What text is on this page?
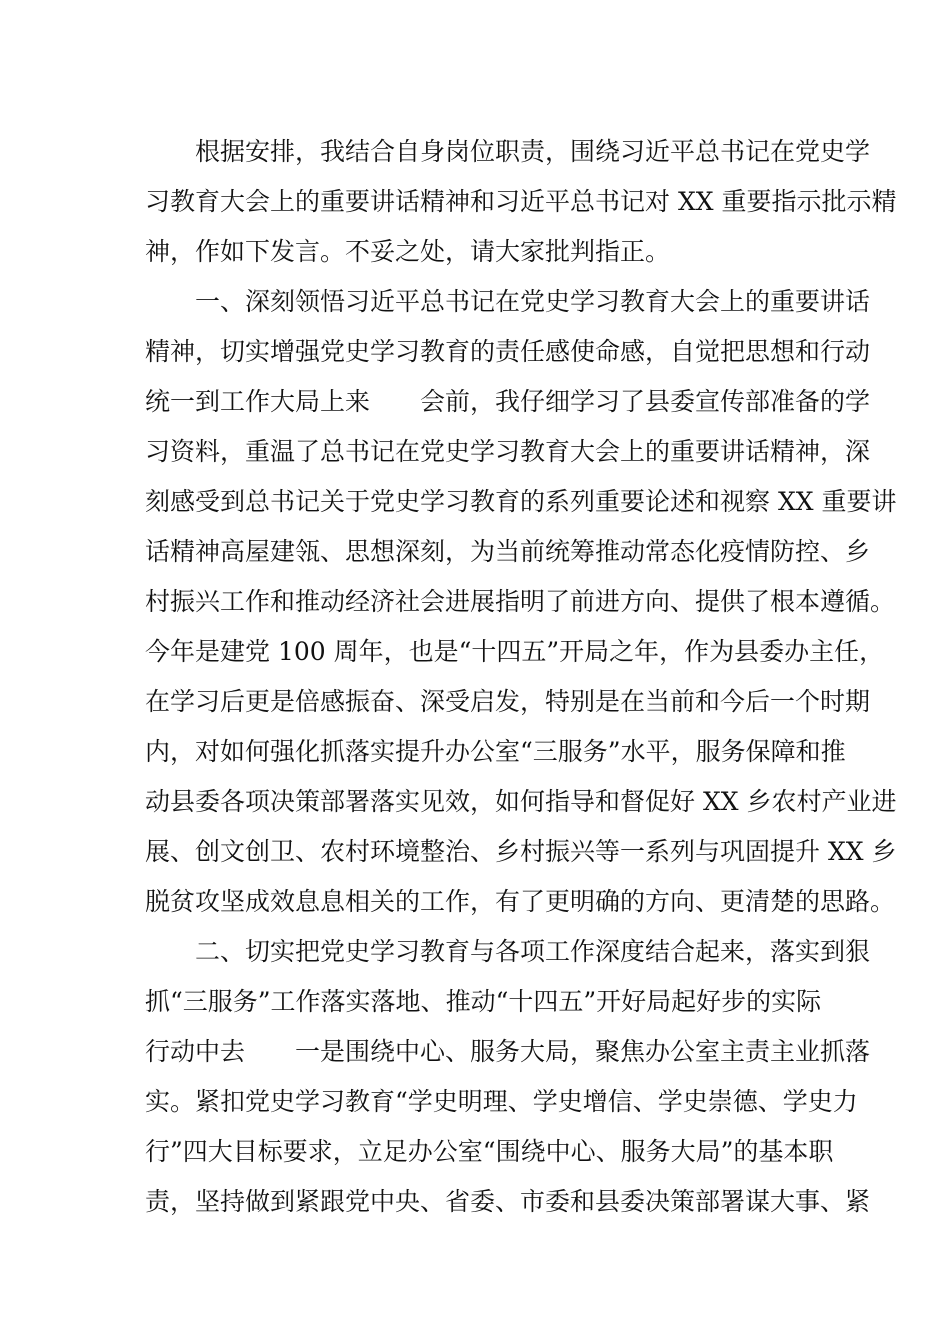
　　根据安排，我结合自身岗位职责，围绕习近平总书记在党史学
习教育大会上的重要讲话精神和习近平总书记对 XX 重要指示批示精
神，作如下发言。不妥之处，请大家批判指正。
　　一、深刻领悟习近平总书记在党史学习教育大会上的重要讲话
精神，切实增强党史学习教育的责任感使命感，自觉把思想和行动
统一到工作大局上来　　会前，我仔细学习了县委宣传部准备的学
习资料，重温了总书记在党史学习教育大会上的重要讲话精神，深
刻感受到总书记关于党史学习教育的系列重要论述和视察 XX 重要讲
话精神高屋建瓴、思想深刻，为当前统筹推动常态化疫情防控、乡
村振兴工作和推动经济社会进展指明了前进方向、提供了根本遵循。
今年是建党 100 周年，也是“十四五”开局之年，作为县委办主任，
在学习后更是倍感振奋、深受启发，特别是在当前和今后一个时期
内，对如何强化抓落实提升办公室“三服务”水平，服务保障和推
动县委各项决策部署落实见效，如何指导和督促好 XX 乡农村产业进
展、创文创卫、农村环境整治、乡村振兴等一系列与巩固提升 XX 乡
脱贫攻坚成效息息相关的工作，有了更明确的方向、更清楚的思路。
　　二、切实把党史学习教育与各项工作深度结合起来，落实到狠
抓“三服务”工作落实落地、推动“十四五”开好局起好步的实际
行动中去　　一是围绕中心、服务大局，聚焦办公室主责主业抓落
实。紧扣党史学习教育“学史明理、学史增信、学史崇德、学史力
行”四大目标要求，立足办公室“围绕中心、服务大局”的基本职
责，坚持做到紧跟党中央、省委、市委和县委决策部署谋大事、紧
